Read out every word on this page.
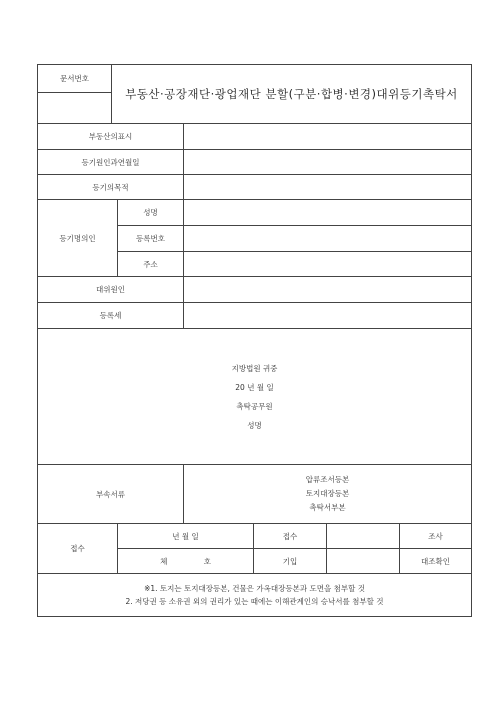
문서번호	부동산·공장재단·광업재단 분할(구분·합병·변경)대위등기촉탁서

부동산의표시					
등기원인과연월일					
등기의목적					
등기명의인	성명				
	등록번호				
	주소				
대위원인					
등록세					

지방법원 귀중
20 년 월 일
촉탁공무원
성명					

부속서류		압류조서등본
토지대장등본
촉탁서부본			

접수	년 월 일		접수		조사
	체 호		기입		대조확인

※1. 토지는 토지대장등본, 건물은 가옥대장등본과 도면을 첨부할 것
2. 저당권 등 소유권 외의 권리가 있는 때에는 이해관계인의 승낙서를 첨부할 것					
